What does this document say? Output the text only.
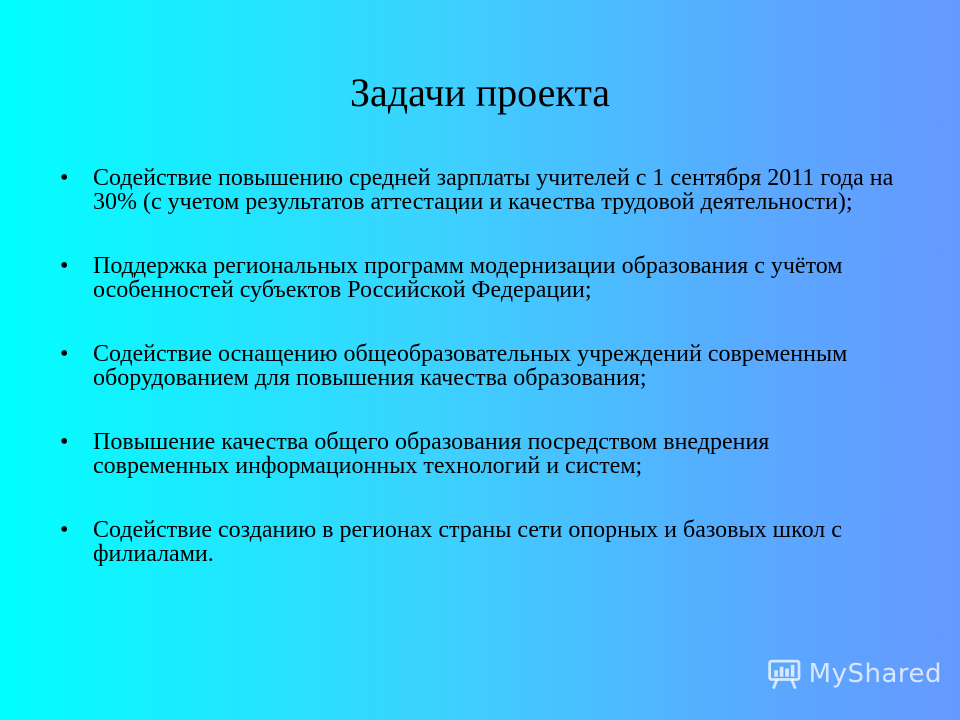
Задачи проекта
• Содействие повышению средней зарплаты учителей с 1 сентября 2011 года на 30% (с учетом результатов аттестации и качества трудовой деятельности);
• Поддержка региональных программ модернизации образования с учётом особенностей субъектов Российской Федерации;
• Содействие оснащению общеобразовательных учреждений современным оборудованием для повышения качества образования;
• Повышение качества общего образования посредством внедрения современных информационных технологий и систем;
• Содействие созданию в регионах страны сети опорных и базовых школ с филиалами.
MyShared
